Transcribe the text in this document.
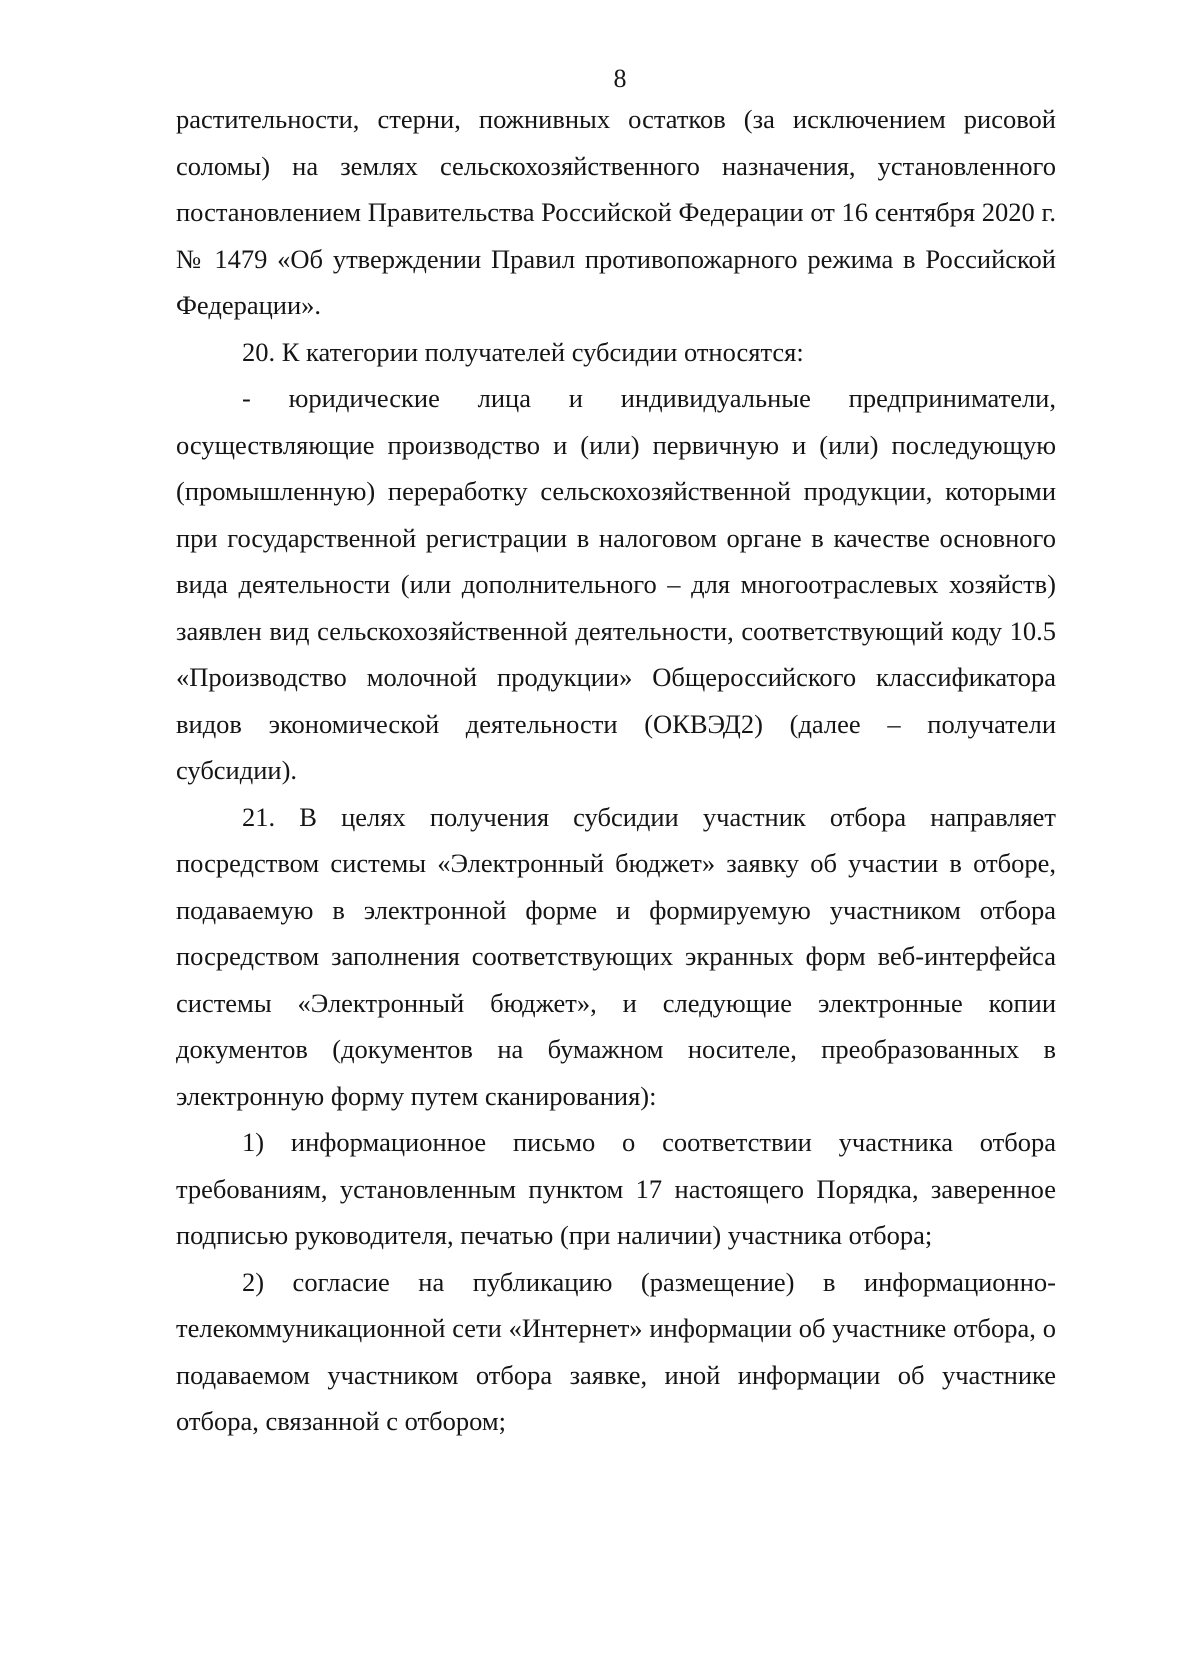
8

растительности, стерни, пожнивных остатков (за исключением рисовой соломы) на землях сельскохозяйственного назначения, установленного постановлением Правительства Российской Федерации от 16 сентября 2020 г. № 1479 «Об утверждении Правил противопожарного режима в Российской Федерации».

20. К категории получателей субсидии относятся:

- юридические лица и индивидуальные предприниматели, осуществляющие производство и (или) первичную и (или) последующую (промышленную) переработку сельскохозяйственной продукции, которыми при государственной регистрации в налоговом органе в качестве основного вида деятельности (или дополнительного – для многоотраслевых хозяйств) заявлен вид сельскохозяйственной деятельности, соответствующий коду 10.5 «Производство молочной продукции» Общероссийского классификатора видов экономической деятельности (ОКВЭД2) (далее – получатели субсидии).

21. В целях получения субсидии участник отбора направляет посредством системы «Электронный бюджет» заявку об участии в отборе, подаваемую в электронной форме и формируемую участником отбора посредством заполнения соответствующих экранных форм веб-интерфейса системы «Электронный бюджет», и следующие электронные копии документов (документов на бумажном носителе, преобразованных в электронную форму путем сканирования):

1) информационное письмо о соответствии участника отбора требованиям, установленным пунктом 17 настоящего Порядка, заверенное подписью руководителя, печатью (при наличии) участника отбора;

2) согласие на публикацию (размещение) в информационно-телекоммуникационной сети «Интернет» информации об участнике отбора, о подаваемом участником отбора заявке, иной информации об участнике отбора, связанной с отбором;
